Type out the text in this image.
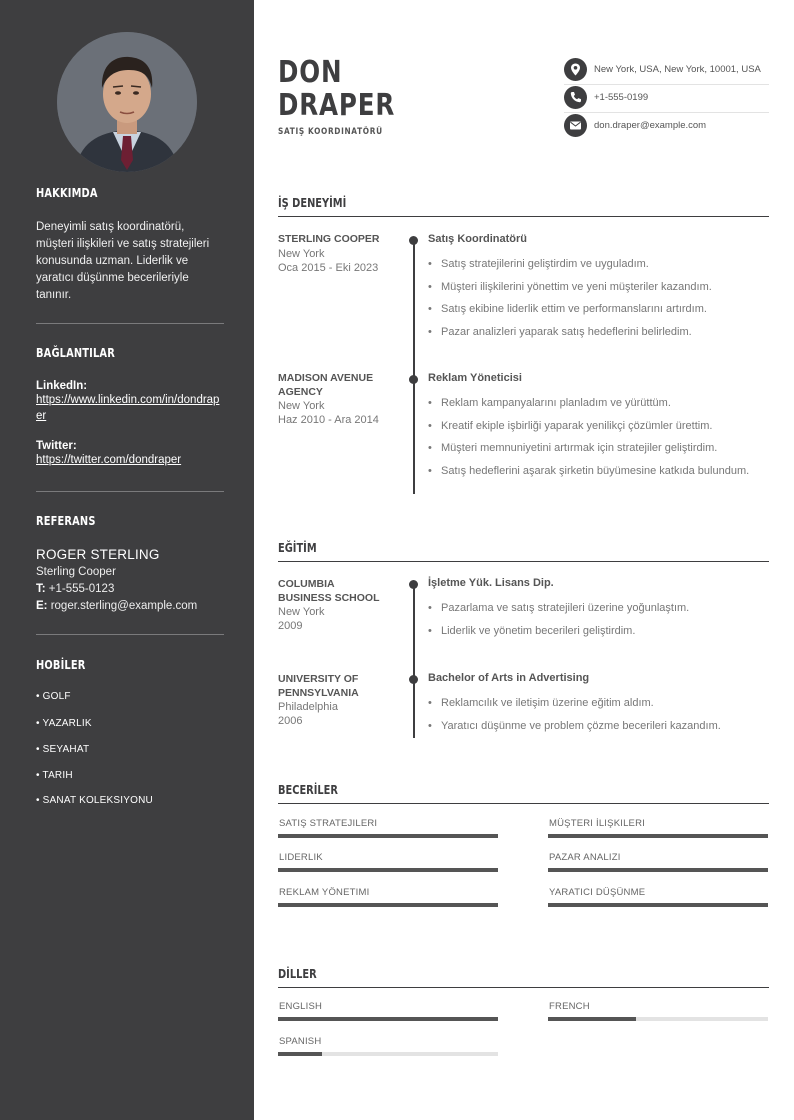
HAKKIMDA
Deneyimli satış koordinatörü, müşteri ilişkileri ve satış stratejileri konusunda uzman. Liderlik ve yaratıcı düşünme becerileriyle tanınır.
BAĞLANTILAR
LinkedIn:
https://www.linkedin.com/in/dondraper
Twitter:
https://twitter.com/dondraper
REFERANS
ROGER STERLING
Sterling Cooper
T: +1-555-0123
E: roger.sterling@example.com
HOBİLER
• GOLF
• YAZARLIK
• SEYAHAT
• TARIH
• SANAT KOLEKSIYONU
DON
DRAPER
SATIŞ KOORDINATÖRÜ
New York, USA, New York, 10001, USA
+1-555-0199
don.draper@example.com
İŞ DENEYİMİ
STERLING COOPER
New York
Oca 2015 - Eki 2023
Satış Koordinatörü
• Satış stratejilerini geliştirdim ve uyguladım.
• Müşteri ilişkilerini yönettim ve yeni müşteriler kazandım.
• Satış ekibine liderlik ettim ve performanslarını artırdım.
• Pazar analizleri yaparak satış hedeflerini belirledim.
MADISON AVENUE AGENCY
New York
Haz 2010 - Ara 2014
Reklam Yöneticisi
• Reklam kampanyalarını planladım ve yürüttüm.
• Kreatif ekiple işbirliği yaparak yenilikçi çözümler ürettim.
• Müşteri memnuniyetini artırmak için stratejiler geliştirdim.
• Satış hedeflerini aşarak şirketin büyümesine katkıda bulundum.
EĞİTİM
COLUMBIA BUSINESS SCHOOL
New York
2009
İşletme Yük. Lisans Dip.
• Pazarlama ve satış stratejileri üzerine yoğunlaştım.
• Liderlik ve yönetim becerileri geliştirdim.
UNIVERSITY OF PENNSYLVANIA
Philadelphia
2006
Bachelor of Arts in Advertising
• Reklamcılık ve iletişim üzerine eğitim aldım.
• Yaratıcı düşünme ve problem çözme becerileri kazandım.
BECERİLER
SATIŞ STRATEJILERI	MÜŞTERI İLIŞKILERI
LIDERLIK	PAZAR ANALIZI
REKLAM YÖNETIMI	YARATICI DÜŞÜNME
DİLLER
ENGLISH	FRENCH
SPANISH
